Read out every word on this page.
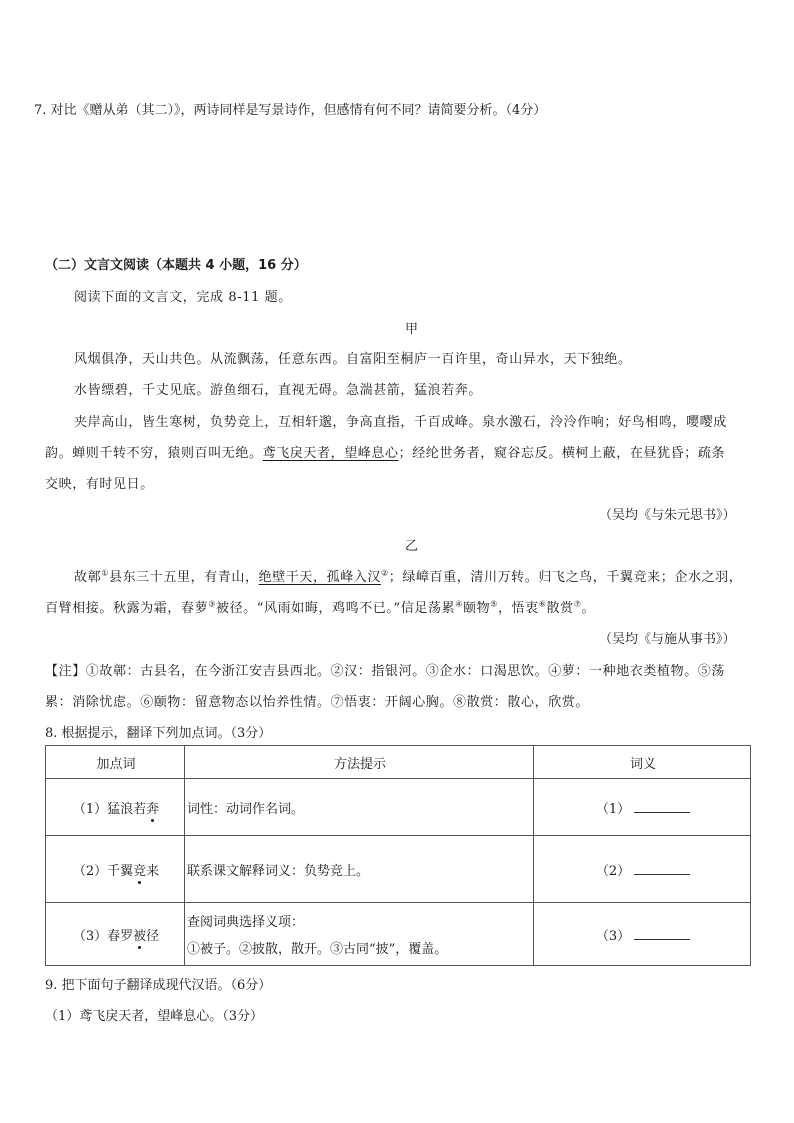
7. 对比《赠从弟（其二）》，两诗同样是写景诗作，但感情有何不同？请简要分析。（4分）
（二）文言文阅读（本题共 4 小题，16 分）
阅读下面的文言文，完成 8-11 题。
甲
风烟俱净，天山共色。从流飘荡，任意东西。自富阳至桐庐一百许里，奇山异水，天下独绝。
水皆缥碧，千丈见底。游鱼细石，直视无碍。急湍甚箭，猛浪若奔。
夹岸高山，皆生寒树，负势竞上，互相轩邈，争高直指，千百成峰。泉水激石，泠泠作响；好鸟相鸣，嘤嘤成
韵。蝉则千转不穷，猿则百叫无绝。鸢飞戾天者，望峰息心；经纶世务者，窥谷忘反。横柯上蔽，在昼犹昏；疏条
交映，有时见日。
（吴均《与朱元思书》）
乙
故鄣①县东三十五里，有青山，绝壁干天，孤峰入汉②；绿嶂百重，清川万转。归飞之鸟，千翼竞来；企水之羽，
百臂相接。秋露为霜，春萝③被径。“风雨如晦，鸡鸣不已。”信足荡累④颐物⑤，悟衷⑥散赏⑦。
（吴均《与施从事书》）
【注】①故鄣：古县名，在今浙江安吉县西北。②汉：指银河。③企水：口渴思饮。④萝：一种地衣类植物。⑤荡
累：消除忧虑。⑥颐物：留意物态以怡养性情。⑦悟衷：开阔心胸。⑧散赏：散心，欣赏。
8. 根据提示，翻译下列加点词。（3分）
加点词	方法提示	词义
（1）猛浪若奔	词性：动词作名词。	（1）
（2）千翼竞来	联系课文解释词义：负势竞上。	（2）
（3）春罗被径	查阅词典选择义项：
①被子。②披散，散开。③古同“披”，覆盖。	（3）
9. 把下面句子翻译成现代汉语。（6分）
（1）鸢飞戾天者，望峰息心。（3分）
